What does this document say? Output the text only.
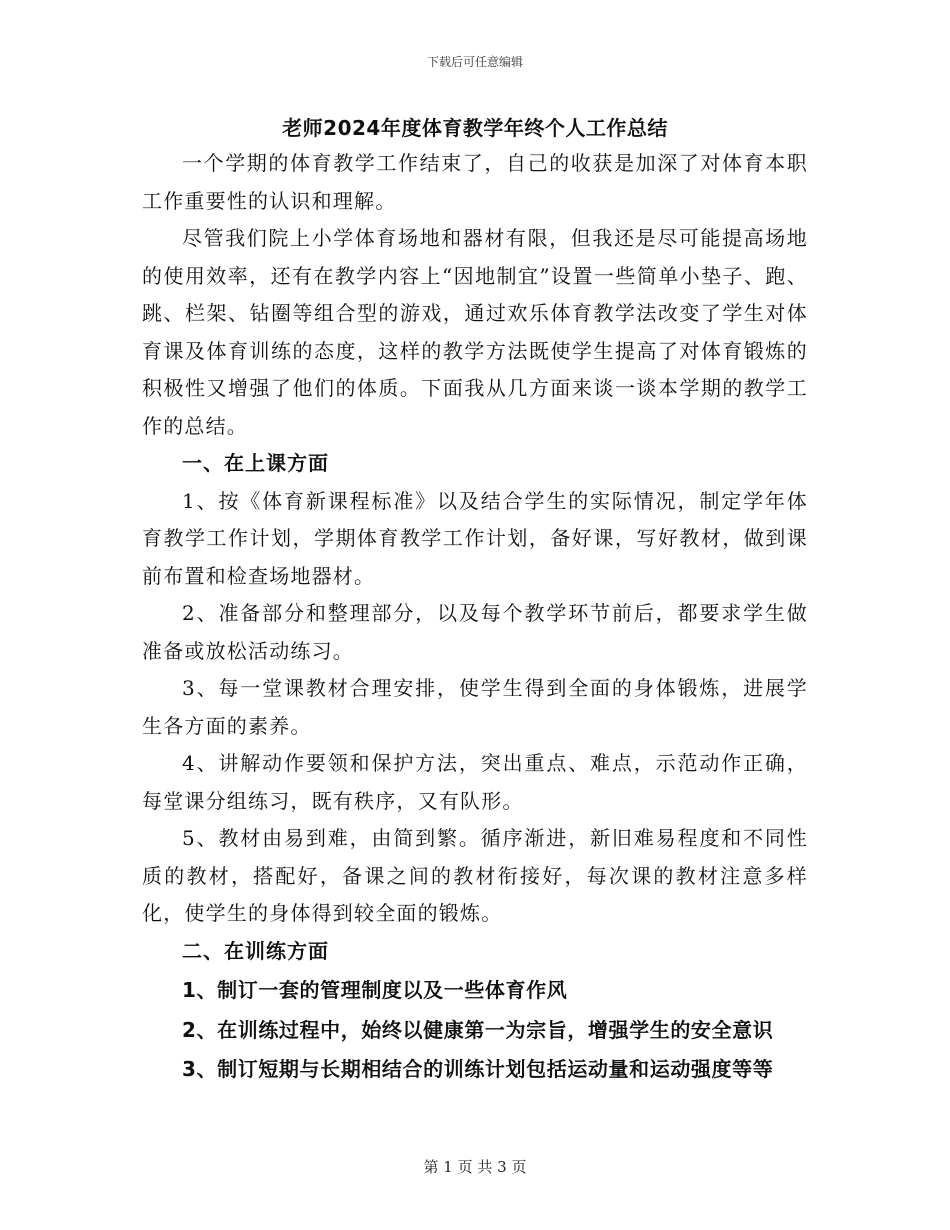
下载后可任意编辑
老师2024年度体育教学年终个人工作总结

一个学期的体育教学工作结束了，自己的收获是加深了对体育本职工作重要性的认识和理解。

尽管我们院上小学体育场地和器材有限，但我还是尽可能提高场地的使用效率，还有在教学内容上“因地制宜”设置一些简单小垫子、跑、跳、栏架、钻圈等组合型的游戏，通过欢乐体育教学法改变了学生对体育课及体育训练的态度，这样的教学方法既使学生提高了对体育锻炼的积极性又增强了他们的体质。下面我从几方面来谈一谈本学期的教学工作的总结。

一、在上课方面

1、按《体育新课程标准》以及结合学生的实际情况，制定学年体育教学工作计划，学期体育教学工作计划，备好课，写好教材，做到课前布置和检查场地器材。

2、准备部分和整理部分，以及每个教学环节前后，都要求学生做准备或放松活动练习。

3、每一堂课教材合理安排，使学生得到全面的身体锻炼，进展学生各方面的素养。

4、讲解动作要领和保护方法，突出重点、难点，示范动作正确，每堂课分组练习，既有秩序，又有队形。

5、教材由易到难，由简到繁。循序渐进，新旧难易程度和不同性质的教材，搭配好，备课之间的教材衔接好，每次课的教材注意多样化，使学生的身体得到较全面的锻炼。

二、在训练方面

1、制订一套的管理制度以及一些体育作风

2、在训练过程中，始终以健康第一为宗旨，增强学生的安全意识

3、制订短期与长期相结合的训练计划包括运动量和运动强度等等

第 1 页 共 3 页
